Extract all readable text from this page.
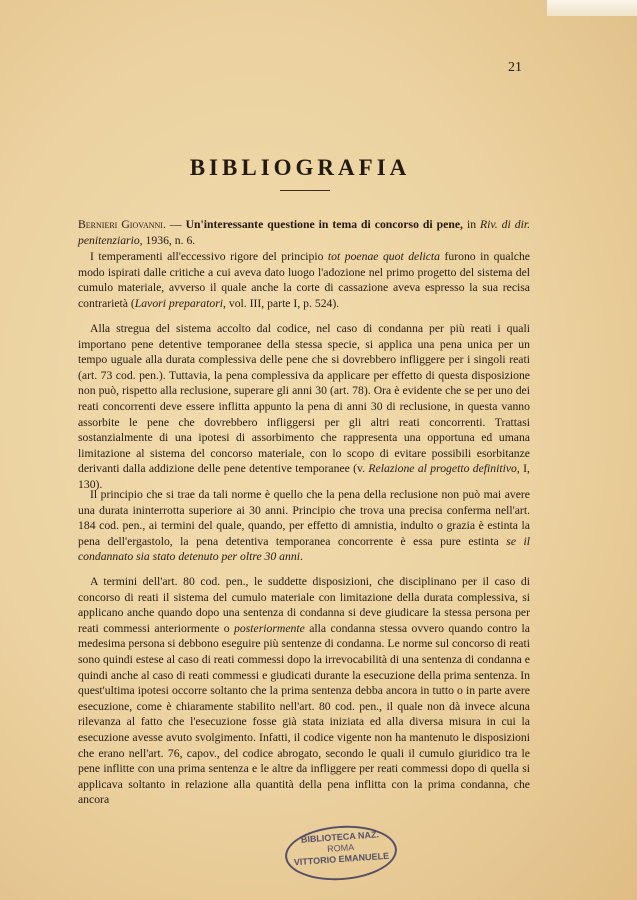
21
BIBLIOGRAFIA

Bernieri Giovanni. — Un'interessante questione in tema di concorso di pene, in Riv. di dir. penitenziario, 1936, n. 6.

I temperamenti all'eccessivo rigore del principio tot poenae quot delicta furono in qualche modo ispirati dalle critiche a cui aveva dato luogo l'adozione nel primo progetto del sistema del cumulo materiale, avverso il quale anche la corte di cassazione aveva espresso la sua recisa contrarietà (Lavori preparatori, vol. III, parte I, p. 524).

Alla stregua del sistema accolto dal codice, nel caso di condanna per più reati i quali importano pene detentive temporanee della stessa specie, si applica una pena unica per un tempo uguale alla durata complessiva delle pene che si dovrebbero infliggere per i singoli reati (art. 73 cod. pen.). Tuttavia, la pena complessiva da applicare per effetto di questa disposizione non può, rispetto alla reclusione, superare gli anni 30 (art. 78). Ora è evidente che se per uno dei reati concorrenti deve essere inflitta appunto la pena di anni 30 di reclusione, in questa vanno assorbite le pene che dovrebbero infliggersi per gli altri reati concorrenti. Trattasi sostanzialmente di una ipotesi di assorbimento che rappresenta una opportuna ed umana limitazione al sistema del concorso materiale, con lo scopo di evitare possibili esorbitanze derivanti dalla addizione delle pene detentive temporanee (v. Relazione al progetto definitivo, I, 130).

Il principio che si trae da tali norme è quello che la pena della reclusione non può mai avere una durata ininterrotta superiore ai 30 anni. Principio che trova una precisa conferma nell'art. 184 cod. pen., ai termini del quale, quando, per effetto di amnistia, indulto o grazia è estinta la pena dell'ergastolo, la pena detentiva temporanea concorrente è essa pure estinta se il condannato sia stato detenuto per oltre 30 anni.

A termini dell'art. 80 cod. pen., le suddette disposizioni, che disciplinano per il caso di concorso di reati il sistema del cumulo materiale con limitazione della durata complessiva, si applicano anche quando dopo una sentenza di condanna si deve giudicare la stessa persona per reati commessi anteriormente o posteriormente alla condanna stessa ovvero quando contro la medesima persona si debbono eseguire più sentenze di condanna. Le norme sul concorso di reati sono quindi estese al caso di reati commessi dopo la irrevocabilità di una sentenza di condanna e quindi anche al caso di reati commessi e giudicati durante la esecuzione della prima sentenza. In quest'ultima ipotesi occorre soltanto che la prima sentenza debba ancora in tutto o in parte avere esecuzione, come è chiaramente stabilito nell'art. 80 cod. pen., il quale non dà invece alcuna rilevanza al fatto che l'esecuzione fosse già stata iniziata ed alla diversa misura in cui la esecuzione avesse avuto svolgimento. Infatti, il codice vigente non ha mantenuto le disposizioni che erano nell'art. 76, capov., del codice abrogato, secondo le quali il cumulo giuridico tra le pene inflitte con una prima sentenza e le altre da infliggere per reati commessi dopo di quella si applicava soltanto in relazione alla quantità della pena inflitta con la prima condanna, che ancora

BIBLIOTECA NAZ.
ROMA
VITTORIO EMANUELE
